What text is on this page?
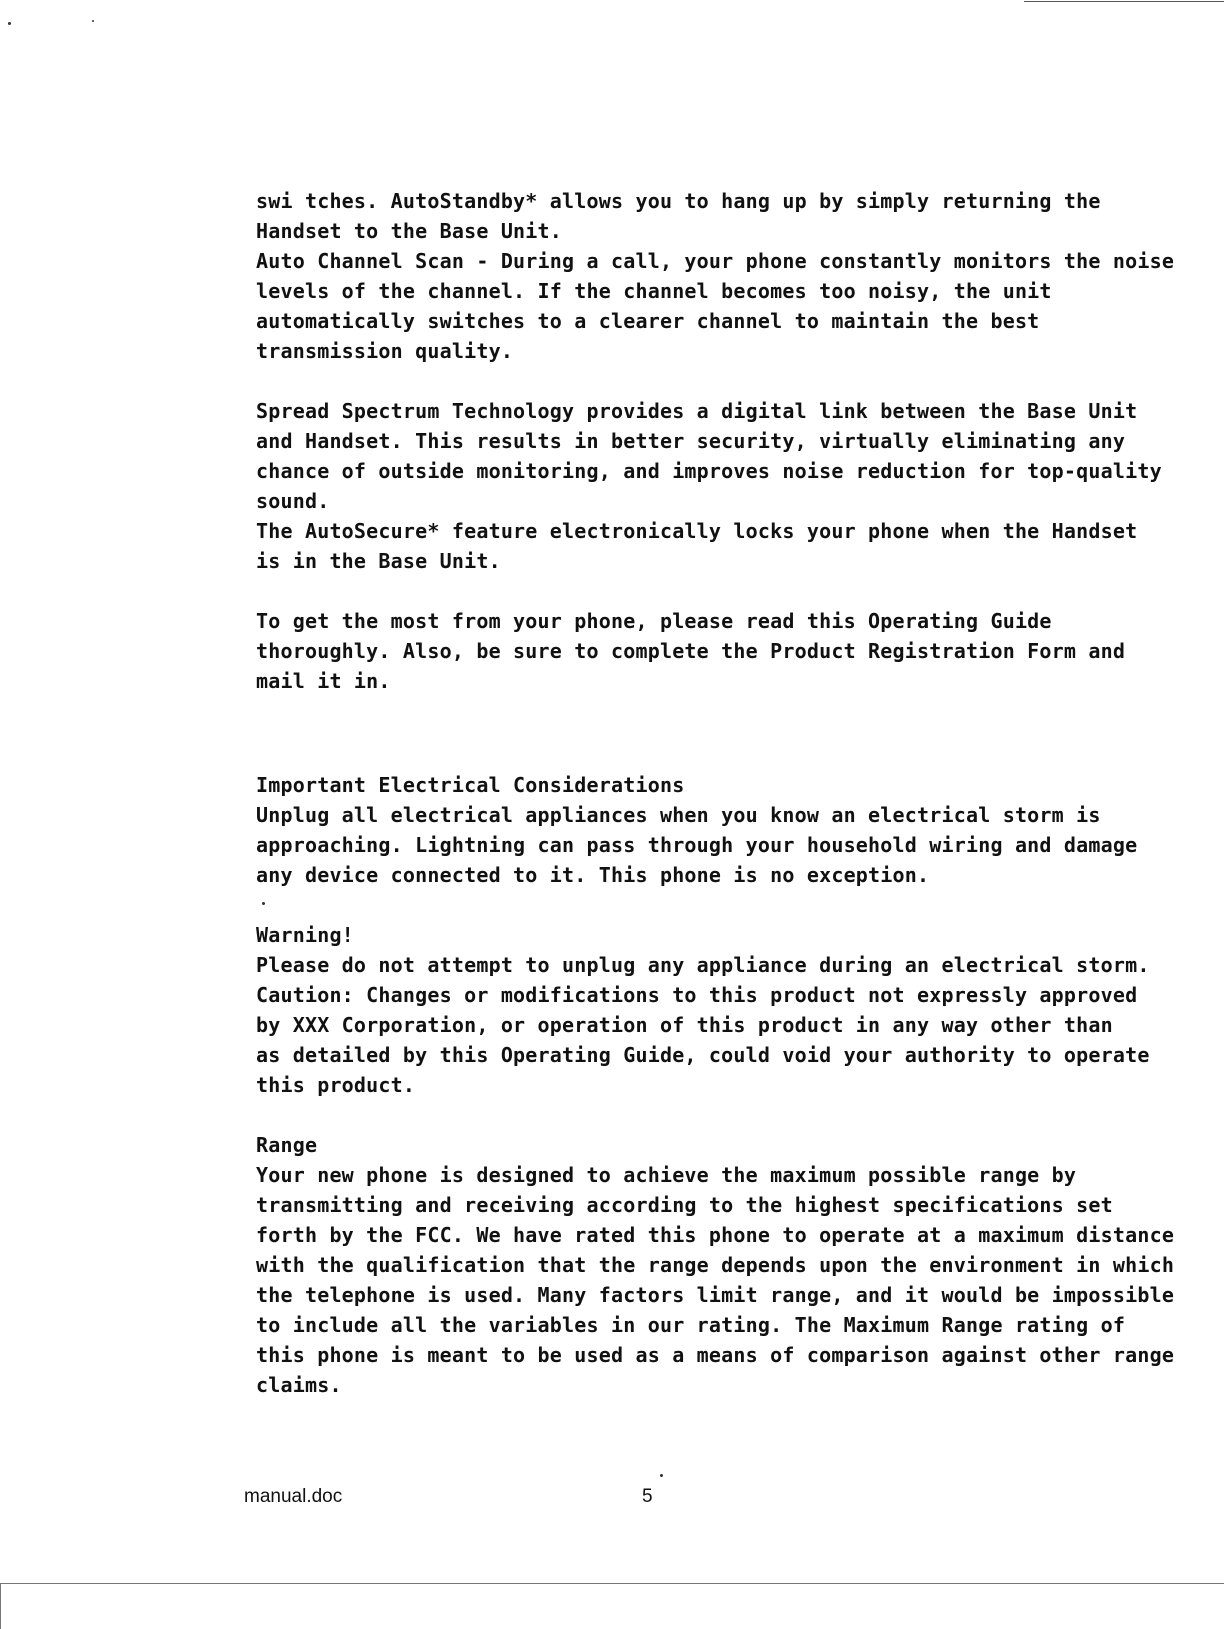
swi tches. AutoStandby* allows you to hang up by simply returning the
Handset to the Base Unit.
Auto Channel Scan - During a call, your phone constantly monitors the noise
levels of the channel. If the channel becomes too noisy, the unit
automatically switches to a clearer channel to maintain the best
transmission quality.
Spread Spectrum Technology provides a digital link between the Base Unit
and Handset. This results in better security, virtually eliminating any
chance of outside monitoring, and improves noise reduction for top-quality
sound.
The AutoSecure* feature electronically locks your phone when the Handset
is in the Base Unit.
To get the most from your phone, please read this Operating Guide
thoroughly. Also, be sure to complete the Product Registration Form and
mail it in.
Important Electrical Considerations
Unplug all electrical appliances when you know an electrical storm is
approaching. Lightning can pass through your household wiring and damage
any device connected to it. This phone is no exception.
Warning!
Please do not attempt to unplug any appliance during an electrical storm.
Caution: Changes or modifications to this product not expressly approved
by XXX Corporation, or operation of this product in any way other than
as detailed by this Operating Guide, could void your authority to operate
this product.
Range
Your new phone is designed to achieve the maximum possible range by
transmitting and receiving according to the highest specifications set
forth by the FCC. We have rated this phone to operate at a maximum distance
with the qualification that the range depends upon the environment in which
the telephone is used. Many factors limit range, and it would be impossible
to include all the variables in our rating. The Maximum Range rating of
this phone is meant to be used as a means of comparison against other range
claims.
manual.doc	5
